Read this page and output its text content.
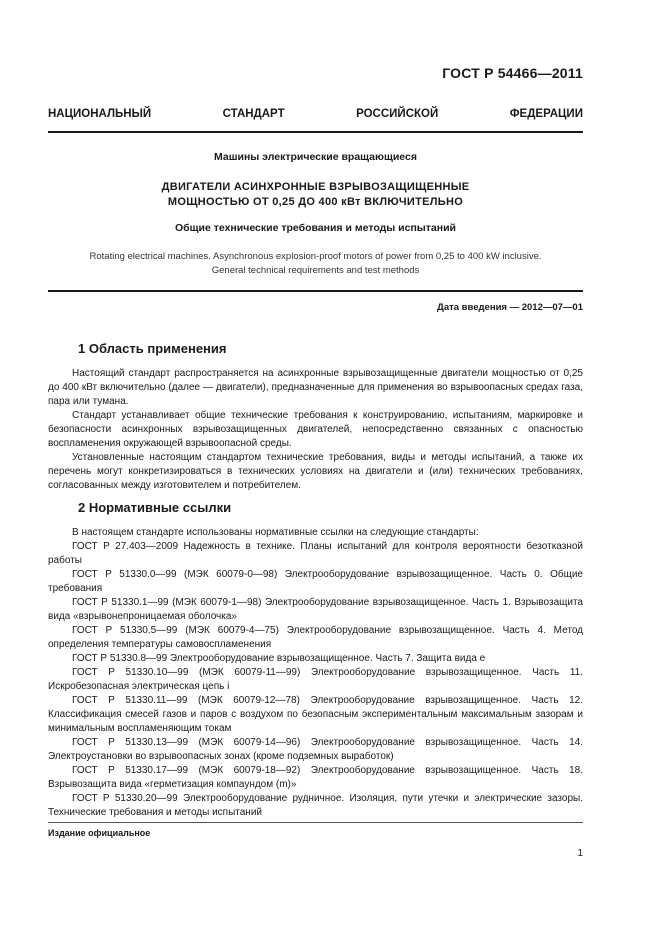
ГОСТ Р 54466—2011
НАЦИОНАЛЬНЫЙ	СТАНДАРТ	РОССИЙСКОЙ	ФЕДЕРАЦИИ
Машины электрические вращающиеся
ДВИГАТЕЛИ АСИНХРОННЫЕ ВЗРЫВОЗАЩИЩЕННЫЕ
МОЩНОСТЬЮ ОТ 0,25 ДО 400 кВт ВКЛЮЧИТЕЛЬНО
Общие технические требования и методы испытаний
Rotating electrical machines. Asynchronous explosion-proof motors of power from 0,25 to 400 kW inclusive.
General technical requirements and test methods
Дата введения — 2012—07—01
1 Область применения

Настоящий стандарт распространяется на асинхронные взрывозащищенные двигатели мощностью от 0,25 до 400 кВт включительно (далее — двигатели), предназначенные для применения во взрывоопасных средах газа, пара или тумана.

Стандарт устанавливает общие технические требования к конструированию, испытаниям, маркировке и безопасности асинхронных взрывозащищенных двигателей, непосредственно связанных с опасностью воспламенения окружающей взрывоопасной среды.

Установленные настоящим стандартом технические требования, виды и методы испытаний, а также их перечень могут конкретизироваться в технических условиях на двигатели и (или) технических требованиях, согласованных между изготовителем и потребителем.

2 Нормативные ссылки

В настоящем стандарте использованы нормативные ссылки на следующие стандарты:

ГОСТ Р 27.403—2009 Надежность в технике. Планы испытаний для контроля вероятности безотказной работы

ГОСТ Р 51330.0—99 (МЭК 60079-0—98) Электрооборудование взрывозащищенное. Часть 0. Общие требования

ГОСТ Р 51330.1—99 (МЭК 60079-1—98) Электрооборудование взрывозащищенное. Часть 1. Взрывозащита вида «взрывонепроницаемая оболочка»

ГОСТ Р 51330.5—99 (МЭК 60079-4—75) Электрооборудование взрывозащищенное. Часть 4. Метод определения температуры самовоспламенения

ГОСТ Р 51330.8—99 Электрооборудование взрывозащищенное. Часть 7. Защита вида е

ГОСТ Р 51330.10—99 (МЭК 60079-11—99) Электрооборудование взрывозащищенное. Часть 11. Искробезопасная электрическая цепь i

ГОСТ Р 51330.11—99 (МЭК 60079-12—78) Электрооборудование взрывозащищенное. Часть 12. Классификация смесей газов и паров с воздухом по безопасным экспериментальным максимальным зазорам и минимальным воспламеняющим токам

ГОСТ Р 51330.13—99 (МЭК 60079-14—96) Электрооборудование взрывозащищенное. Часть 14. Электроустановки во взрывоопасных зонах (кроме подземных выработок)

ГОСТ Р 51330.17—99 (МЭК 60079-18—92) Электрооборудование взрывозащищенное. Часть 18. Взрывозащита вида «герметизация компаундом (m)»

ГОСТ Р 51330.20—99 Электрооборудование рудничное. Изоляция, пути утечки и электрические зазоры. Технические требования и методы испытаний

Издание официальное
1
